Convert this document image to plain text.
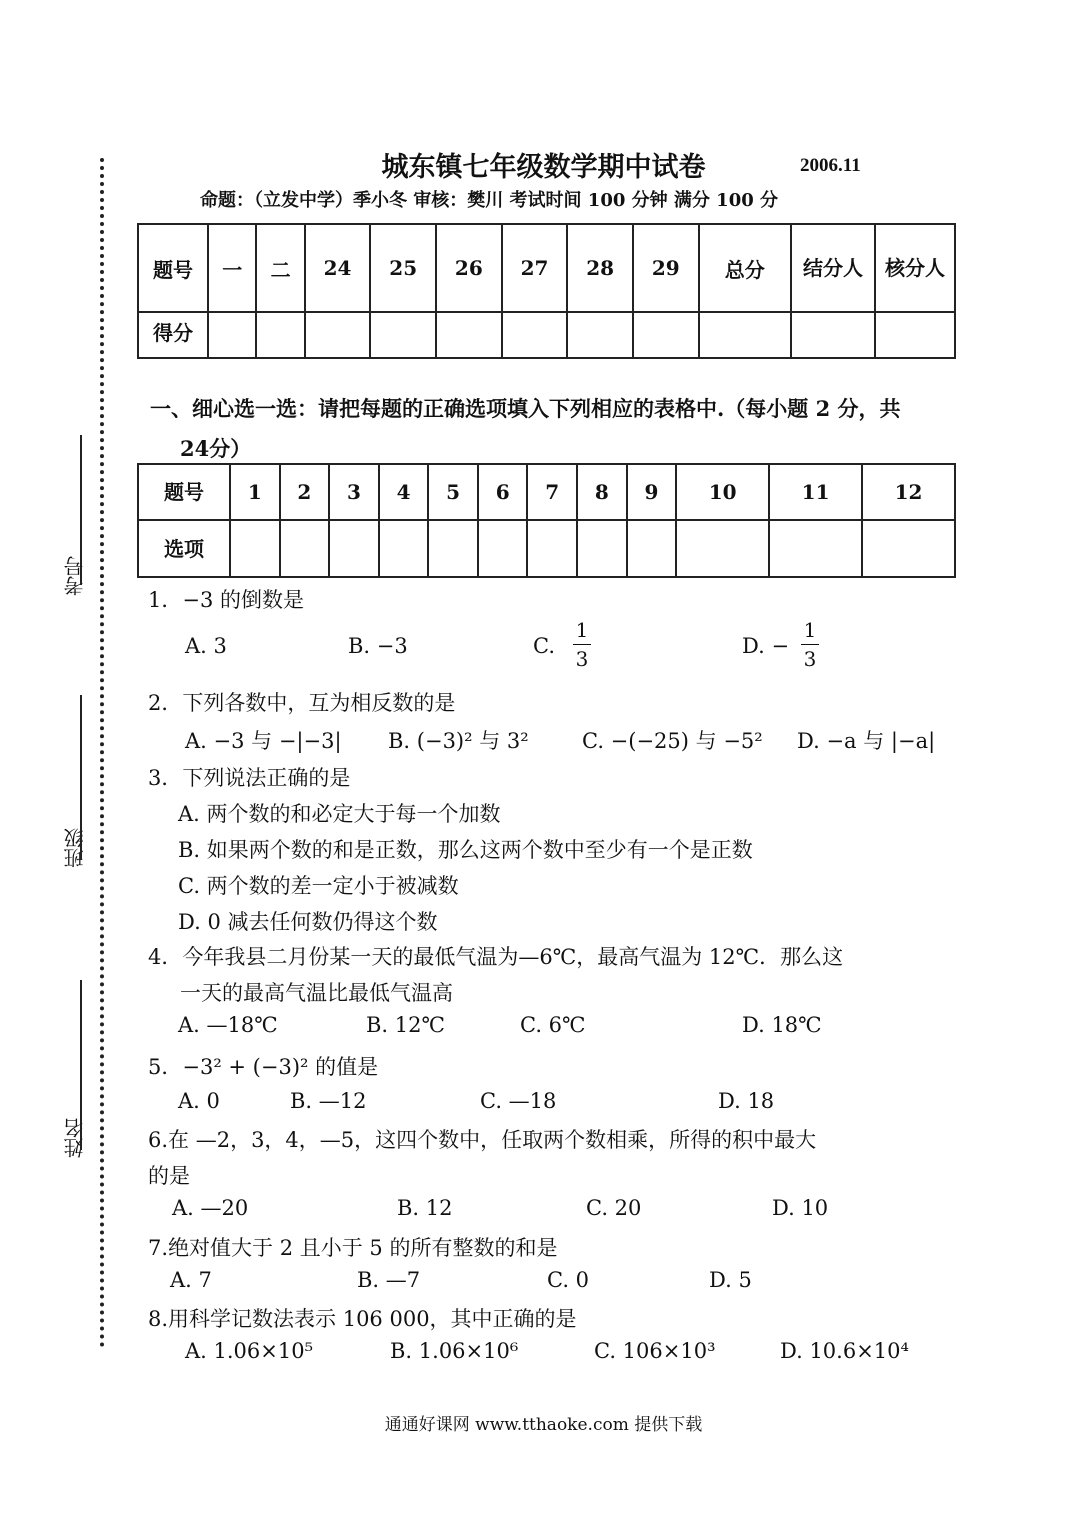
考号
班级
姓名
城东镇七年级数学期中试卷	2006.11
命题：（立发中学）季小冬 审核：樊川 考试时间 100 分钟 满分 100 分
题号	一	二	24	25	26	27	28	29	总分	结分人	核分人
得分											
一、细心选一选：请把每题的正确选项填入下列相应的表格中.（每小题 2 分，共
24分）
题号	1	2	3	4	5	6	7	8	9	10	11	12
选项												
1．−3 的倒数是
A. 3	B. −3	C.
1
3
D. −
1
3
2．下列各数中，互为相反数的是
A. −3 与 −|−3| B. (−3)² 与 3²	C. −(−25) 与 −5² D. −a 与 |−a|
3．下列说法正确的是
A. 两个数的和必定大于每一个加数
B. 如果两个数的和是正数，那么这两个数中至少有一个是正数
C. 两个数的差一定小于被减数
D. 0 减去任何数仍得这个数
4．今年我县二月份某一天的最低气温为—6℃，最高气温为 12℃．那么这
一天的最高气温比最低气温高
A. —18℃	B. 12℃	C. 6℃	D. 18℃
5．−3² + (−3)² 的值是
A. 0	B. —12	C. —18	D. 18
6.在 —2，3，4，—5，这四个数中，任取两个数相乘，所得的积中最大
的是
A. —20	B. 12	C. 20	D. 10
7.绝对值大于 2 且小于 5 的所有整数的和是
A. 7	B. —7	C. 0	D. 5
8.用科学记数法表示 106 000，其中正确的是
A. 1.06×10⁵	B. 1.06×10⁶	C. 106×10³	D. 10.6×10⁴
通通好课网 www.tthaoke.com 提供下载
